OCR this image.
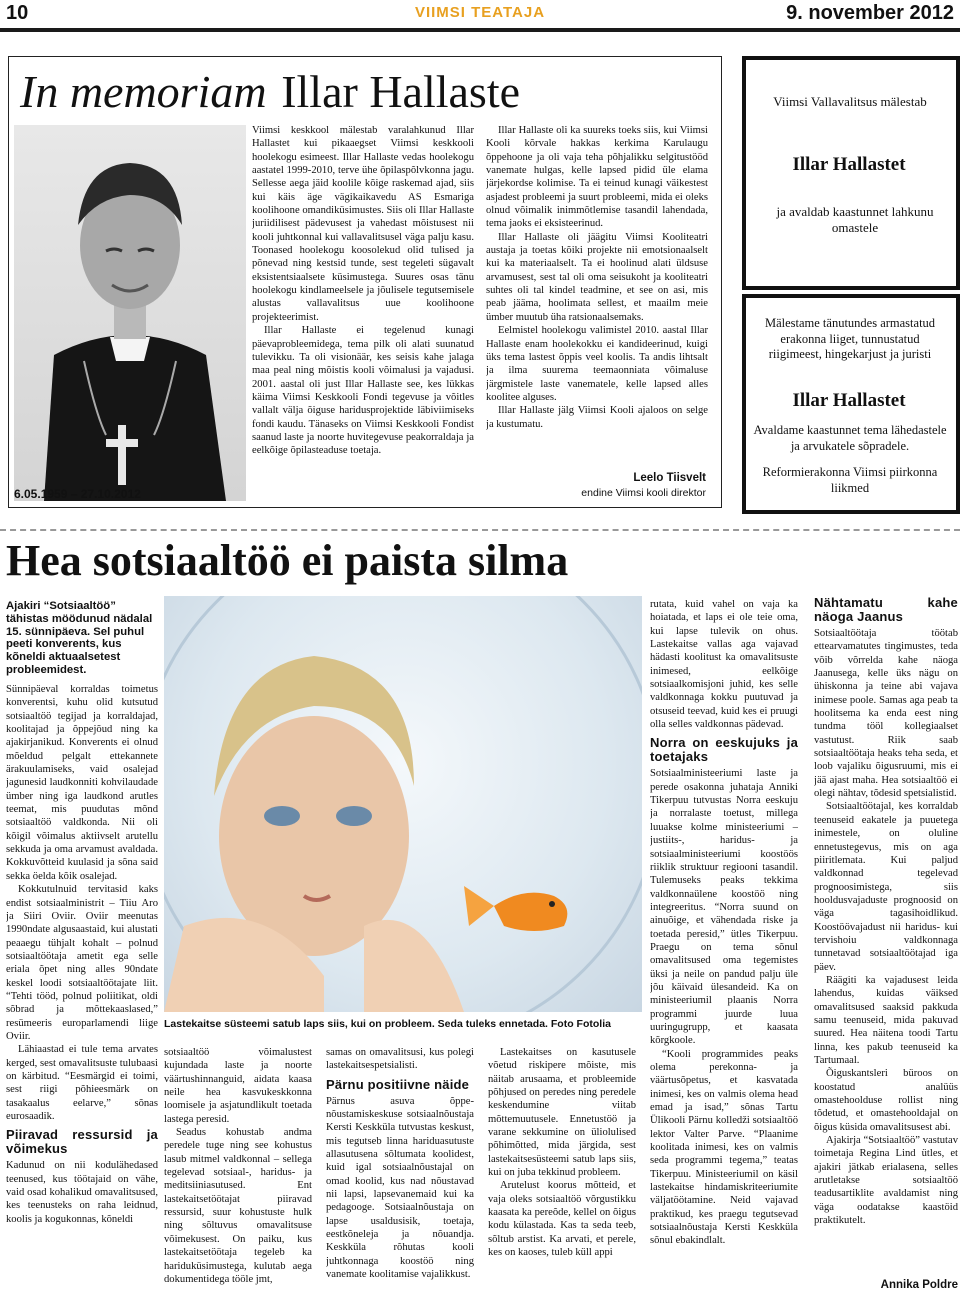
10	VIIMSI TEATAJA	9. november 2012
In memoriam Illar Hallaste
6.05.1959 – 27.10.2012

Viimsi keskkool mälestab varalahkunud Illar Hallastet kui pikaaegset Viimsi keskkooli hoolekogu esimeest. Illar Hallaste vedas hoolekogu aastatel 1999-2010, terve ühe õpilaspõlvkonna jagu. Sellesse aega jäid koolile kõige raskemad ajad, siis kui käis äge vägikaikavedu AS Esmariga koolihoone omandiküsimustes. Siis oli Illar Hallaste juriidilisest pädevusest ja vahedast mõistusest nii kooli juhtkonnal kui vallavalitsusel väga palju kasu. Toonased hoolekogu koosolekud olid tulised ja põnevad ning kestsid tunde, sest tegeleti sügavalt eksistentsiaalsete küsimustega. Suures osas tänu hoolekogu kindlameelsele ja jõulisele tegutsemisele alustas vallavalitsus uue koolihoone projekteerimist.

Illar Hallaste ei tegelenud kunagi päevaprobleemidega, tema pilk oli alati suunatud tulevikku. Ta oli visionäär, kes seisis kahe jalaga maa peal ning mõistis kooli võimalusi ja vajadusi. 2001. aastal oli just Illar Hallaste see, kes lükkas käima Viimsi Keskkooli Fondi tegevuse ja võitles vallalt välja õiguse haridusprojektide läbiviimiseks fondi kaudu. Tänaseks on Viimsi Keskkooli Fondist saanud laste ja noorte huvitegevuse peakorraldaja ja eelkõige õpilasteaduse toetaja.

Illar Hallaste oli ka suureks toeks siis, kui Viimsi Kooli kõrvale hakkas kerkima Karulaugu õppehoone ja oli vaja teha põhjalikku selgitustööd vanemate hulgas, kelle lapsed pidid üle elama järjekordse kolimise. Ta ei teinud kunagi väikestest asjadest probleemi ja suurt probleemi, mida ei oleks olnud võimalik inimmõtlemise tasandil lahendada, tema jaoks ei eksisteerinud.

Illar Hallaste oli jäägitu Viimsi Kooliteatri austaja ja toetas kõiki projekte nii emotsionaalselt kui ka materiaalselt. Ta ei hoolinud alati üldsuse arvamusest, sest tal oli oma seisukoht ja kooliteatri suhtes oli tal kindel teadmine, et see on asi, mis peab jääma, hoolimata sellest, et maailm meie ümber muutub üha ratsionaalsemaks.

Eelmistel hoolekogu valimistel 2010. aastal Illar Hallaste enam hoolekokku ei kandideerinud, kuigi üks tema lastest õppis veel koolis. Ta andis lihtsalt ja ilma suurema teemaonniata võimaluse järgmistele laste vanematele, kelle lapsed alles koolitee alguses.

Illar Hallaste jälg Viimsi Kooli ajaloos on selge ja kustumatu.

Leelo Tiisvelt
endine Viimsi kooli direktor
Viimsi Vallavalitsus mälestab
Illar Hallastet
ja avaldab kaastunnet lahkunu omastele
Mälestame tänutundes armastatud erakonna liiget, tunnustatud riigimeest, hingekarjust ja juristi
Illar Hallastet
Avaldame kaastunnet tema lähedastele ja arvukatele sõpradele.
Reformierakonna Viimsi piirkonna liikmed
Hea sotsiaaltöö ei paista silma
Ajakiri “Sotsiaaltöö” tähistas möödunud nädalal 15. sünnipäeva. Sel puhul peeti konverents, kus kõneldi aktuaalsetest probleemidest.

Sünnipäeval korraldas toimetus konverentsi, kuhu olid kutsutud sotsiaaltöö tegijad ja korraldajad, koolitajad ja õppejõud ning ka ajakirjanikud. Konverents ei olnud mõeldud pelgalt ettekannete ärakuulamiseks, vaid osalejad jagunesid laudkonniti kohvilaudade ümber ning iga laudkond arutles teemat, mis puudutas mõnd sotsiaaltöö valdkonda. Nii oli kõigil võimalus aktiivselt arutellu sekkuda ja oma arvamust avaldada. Kokkuvõtteid kuulasid ja sõna said sekka öelda kõik osalejad.

Kokkutulnuid tervitasid kaks endist sotsiaalministrit – Tiiu Aro ja Siiri Oviir. Oviir meenutas 1990ndate algusaastaid, kui alustati peaaegu tühjalt kohalt – polnud sotsiaaltöötaja ametit ega selle eriala õpet ning alles 90ndate keskel loodi sotsiaaltöötajate liit. “Tehti tööd, polnud poliitikat, oldi sõbrad ja mõttekaaslased,” resümeeris europarlamendi liige Oviir.

Lähiaastad ei tule tema arvates kerged, sest omavalitsuste tulubaasi on kärbitud. “Eesmärgid ei toimi, sest riigi põhieesmärk on tasakaalus eelarve,” sõnas eurosaadik.

Piiravad ressursid ja võimekus

Kadunud on nii kodulähedased teenused, kus töötajaid on vähe, vaid osad kohalikud omavalitsused, kes teenusteks on raha leidnud, koolis ja kogukonnas, kõneldi

Lastekaitse süsteemi satub laps siis, kui on probleem. Seda tuleks ennetada. Foto Fotolia

sotsiaaltöö võimalustest kujundada laste ja noorte väärtushinnanguid, aidata kaasa neile hea kasvukeskkonna loomisele ja asjatundlikult toetada lastega peresid.

Seadus kohustab andma peredele tuge ning see kohustus lasub mitmel valdkonnal – sellega tegelevad sotsiaal-, haridus- ja meditsiiniasutused. Ent lastekaitsetöötajat piiravad ressursid, suur kohustuste hulk ning sõltuvus omavalitsuse võimekusest. On paiku, kus lastekaitsetöötaja tegeleb ka hariduküsimustega, kulutab aega dokumentidega tööle jmt,

samas on omavalitsusi, kus polegi lastekaitsespetsialisti.

Pärnu positiivne näide

Pärnus asuva õppe-nõustamiskeskuse sotsiaalnõustaja Kersti Keskküla tutvustas keskust, mis tegutseb linna hariduasutuste allasutusena sõltumata koolidest, kuid igal sotsiaalnõustajal on omad koolid, kus nad nõustavad nii lapsi, lapsevanemaid kui ka pedagooge. Sotsiaalnõustaja on lapse usaldusisik, toetaja, eestkõneleja ja nõuandja. Keskküla rõhutas kooli juhtkonnaga koostöö ning vanemate koolitamise vajalikkust.

Lastekaitses on kasutusele võetud riskipere mõiste, mis näitab arusaama, et probleemide põhjused on peredes ning peredele keskendumine viitab mõttemuutusele. Ennetustöö ja varane sekkumine on üliolulised põhimõtted, mida järgida, sest lastekaitsesüsteemi satub laps siis, kui on juba tekkinud probleem.

Arutelust koorus mõtteid, et vaja oleks sotsiaaltöö võrgustikku kaasata ka pereõde, kellel on õigus kodu külastada. Kas ta seda teeb, sõltub arstist. Ka arvati, et perele, kes on kaoses, tuleb küll appi

rutata, kuid vahel on vaja ka hoiatada, et laps ei ole teie oma, kui lapse tulevik on ohus. Lastekaitse vallas aga vajavad hädasti koolitust ka omavalitsuste inimesed, eelkõige sotsiaalkomisjoni juhid, kes selle valdkonnaga kokku puutuvad ja otsuseid teevad, kuid kes ei pruugi olla selles valdkonnas pädevad.

Norra on eeskujuks ja toetajaks

Sotsiaalministeeriumi laste ja perede osakonna juhataja Anniki Tikerpuu tutvustas Norra eeskuju ja norralaste toetust, millega luuakse kolme ministeeriumi – justiits-, haridus- ja sotsiaalministeeriumi koostöös riiklik struktuur regiooni tasandil. Tulemuseks peaks tekkima valdkonnaülene koostöö ning integreeritus. “Norra suund on ainuõige, et vähendada riske ja toetada peresid,” ütles Tikerpuu. Praegu on tema sõnul omavalitsused oma tegemistes üksi ja neile on pandud palju üle jõu käivaid ülesandeid. Ka on ministeeriumil plaanis Norra programmi juurde luua uuringugrupp, et kaasata kõrgkoole.

“Kooli programmides peaks olema perekonna- ja väärtusõpetus, et kasvatada inimesi, kes on valmis olema head emad ja isad,” sõnas Tartu Ülikooli Pärnu kolledži sotsiaaltöö lektor Valter Parve. “Plaanime koolitada inimesi, kes on valmis seda programmi tegema,” teatas Tikerpuu. Ministeeriumil on käsil lastekaitse hindamiskriteeriumite väljatöötamine. Neid vajavad praktikud, kes praegu tegutsevad sotsiaalnõustaja Kersti Keskküla sõnul ebakindlalt.

Nähtamatu kahe näoga Jaanus

Sotsiaaltöötaja töötab ettearvamatutes tingimustes, teda võib võrrelda kahe näoga Jaanusega, kelle üks nägu on ühiskonna ja teine abi vajava inimese poole. Samas aga peab ta hoolitsema ka enda eest ning tundma tööl kollegiaalset vastutust. Riik saab sotsiaaltöötaja heaks teha seda, et loob vajaliku õigusruumi, mis ei jää ajast maha. Hea sotsiaaltöö ei olegi nähtav, tõdesid spetsialistid.

Sotsiaaltöötajal, kes korraldab teenuseid eakatele ja puuetega inimestele, on oluline ennetustegevus, mis on aga piiritlemata. Kui paljud valdkonnad tegelevad prognoosimistega, siis hooldusvajaduste prognoosid on väga tagasihoidlikud. Koostöövajadust nii haridus- kui tervishoiu valdkonnaga tunnetavad sotsiaaltöötajad iga päev.

Räägiti ka vajadusest leida lahendus, kuidas väiksed omavalitsused saaksid pakkuda samu teenuseid, mida pakuvad suured. Hea näitena toodi Tartu linna, kes pakub teenuseid ka Tartumaal.

Õiguskantsleri büroos on koostatud analüüs omastehoolduse rollist ning tõdetud, et omastehooldajal on õigus küsida omavalitsusest abi.

Ajakirja “Sotsiaaltöö” vastutav toimetaja Regina Lind ütles, et ajakiri jätkab erialasena, selles arutletakse sotsiaaltöö teadusartiklite avaldamist ning väga oodatakse kaastöid praktikutelt.

Annika Poldre
